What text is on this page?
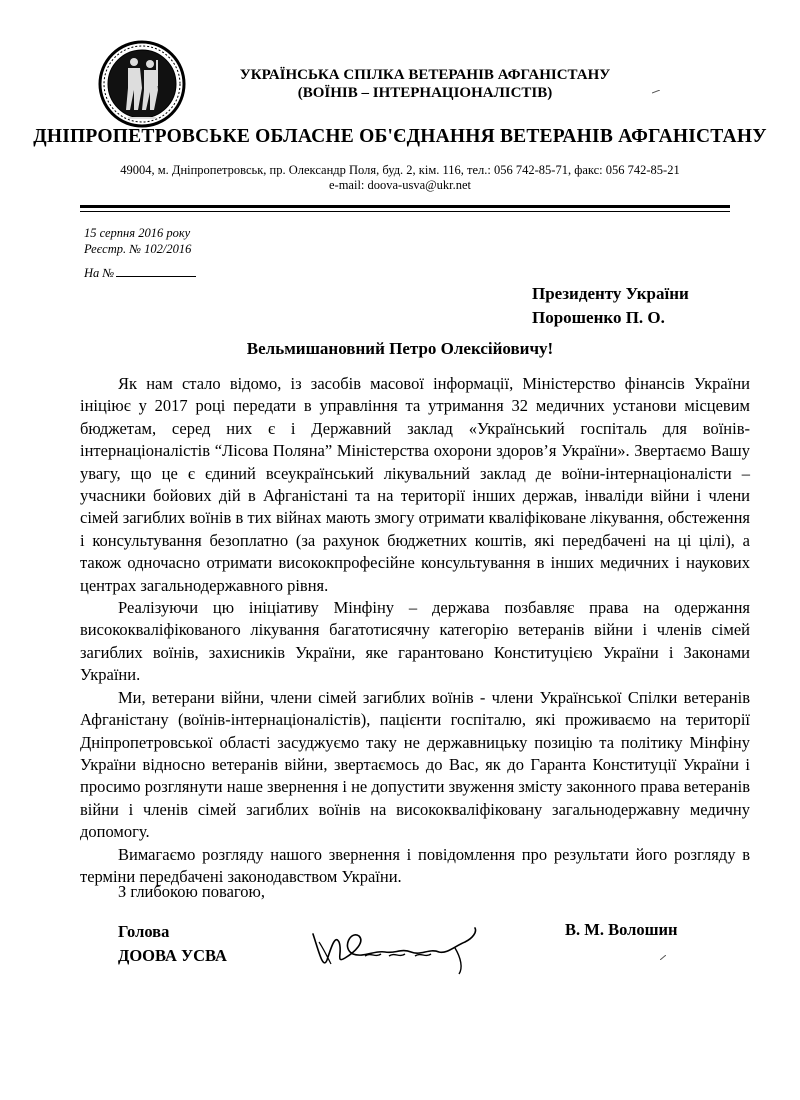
УКРАЇНСЬКА СПІЛКА ВЕТЕРАНІВ АФГАНІСТАНУ
(ВОЇНІВ – ІНТЕРНАЦІОНАЛІСТІВ)
ДНІПРОПЕТРОВСЬКЕ ОБЛАСНЕ ОБ'ЄДНАННЯ ВЕТЕРАНІВ АФГАНІСТАНУ
49004, м. Дніпропетровськ, пр. Олександр Поля, буд. 2, кім. 116, тел.: 056 742-85-71, факс: 056 742-85-21
e-mail: doova-usva@ukr.net
15 серпня 2016 року
Реєстр. № 102/2016
На №
Президенту України
Порошенко П. О.
Вельмишановний Петро Олексійовичу!

Як нам стало відомо, із засобів масової інформації, Міністерство фінансів України ініціює у 2017 році передати в управління та утримання 32 медичних установи місцевим бюджетам, серед них є і Державний заклад «Український госпіталь для воїнів-інтернаціоналістів “Лісова Поляна” Міністерства охорони здоров’я України». Звертаємо Вашу увагу, що це є єдиний всеукраїнський лікувальний заклад де воїни-інтернаціоналісти – учасники бойових дій в Афганістані та на території інших держав, інваліди війни і члени сімей загиблих воїнів в тих війнах мають змогу отримати кваліфіковане лікування, обстеження і консультування безоплатно (за рахунок бюджетних коштів, які передбачені на ці цілі), а також одночасно отримати висококпрофесійне консультування в інших медичних і наукових центрах загальнодержавного рівня.

Реалізуючи цю ініціативу Мінфіну – держава позбавляє права на одержання висококваліфікованого лікування багатотисячну категорію ветеранів війни і членів сімей загиблих воїнів, захисників України, яке гарантовано Конституцією України і Законами України.

Ми, ветерани війни, члени сімей загиблих воїнів - члени Української Спілки ветеранів Афганістану (воїнів-інтернаціоналістів), пацієнти госпіталю, які проживаємо на території Дніпропетровської області засуджуємо таку не державницьку позицію та політику Мінфіну України відносно ветеранів війни, звертаємось до Вас, як до Гаранта Конституції України і просимо розглянути наше звернення і не допустити звуження змісту законного права ветеранів війни і членів сімей загиблих воїнів на висококваліфіковану загальнодержавну медичну допомогу.

Вимагаємо розгляду нашого звернення і повідомлення про результати його розгляду в терміни передбачені законодавством України.

З глибокою повагою,
Голова
ДООВА УСВА
В. М. Волошин
